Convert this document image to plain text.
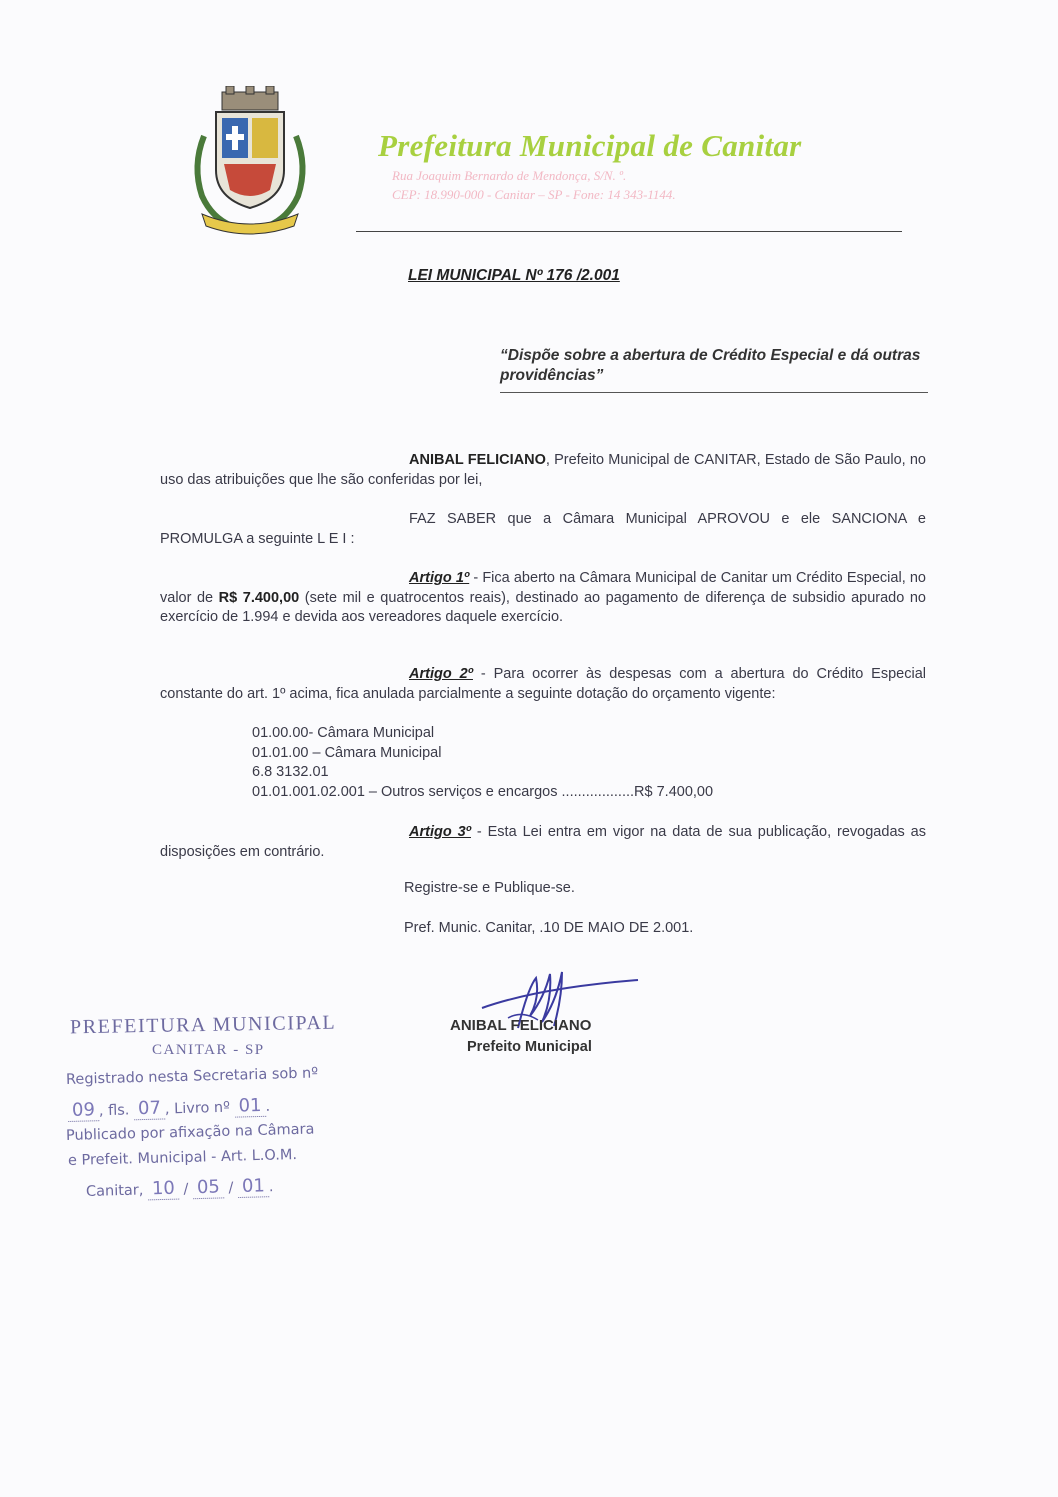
Prefeitura Municipal de Canitar
Rua Joaquim Bernardo de Mendonça, S/N. º.
CEP: 18.990-000 - Canitar – SP - Fone: 14 343-1144.
LEI MUNICIPAL Nº 176 /2.001
“Dispõe sobre a abertura de Crédito Especial e dá outras providências”
ANIBAL FELICIANO, Prefeito Municipal de CANITAR, Estado de São Paulo, no uso das atribuições que lhe são conferidas por lei,
FAZ SABER que a Câmara Municipal APROVOU e ele SANCIONA e PROMULGA a seguinte L E I :
Artigo 1º - Fica aberto na Câmara Municipal de Canitar um Crédito Especial, no valor de R$ 7.400,00 (sete mil e quatrocentos reais), destinado ao pagamento de diferença de subsidio apurado no exercício de 1.994 e devida aos vereadores daquele exercício.
Artigo 2º - Para ocorrer às despesas com a abertura do Crédito Especial constante do art. 1º acima, fica anulada parcialmente a seguinte dotação do orçamento vigente:
01.00.00- Câmara Municipal
01.01.00 – Câmara Municipal
6.8 3132.01
01.01.001.02.001 – Outros serviços e encargos ..................R$ 7.400,00
Artigo 3º - Esta Lei entra em vigor na data de sua publicação, revogadas as disposições em contrário.
Registre-se e Publique-se.
Pref. Munic. Canitar, .10 DE MAIO DE 2.001.
ANIBAL FELICIANO
Prefeito Municipal
PREFEITURA MUNICIPAL
CANITAR - SP
Registrado nesta Secretaria sob nº
09 , fls. 07 , Livro nº 01 .
Publicado por afixação na Câmara
e Prefeit. Municipal - Art. L.O.M.
Canitar, 10 / 05 / 01 .
